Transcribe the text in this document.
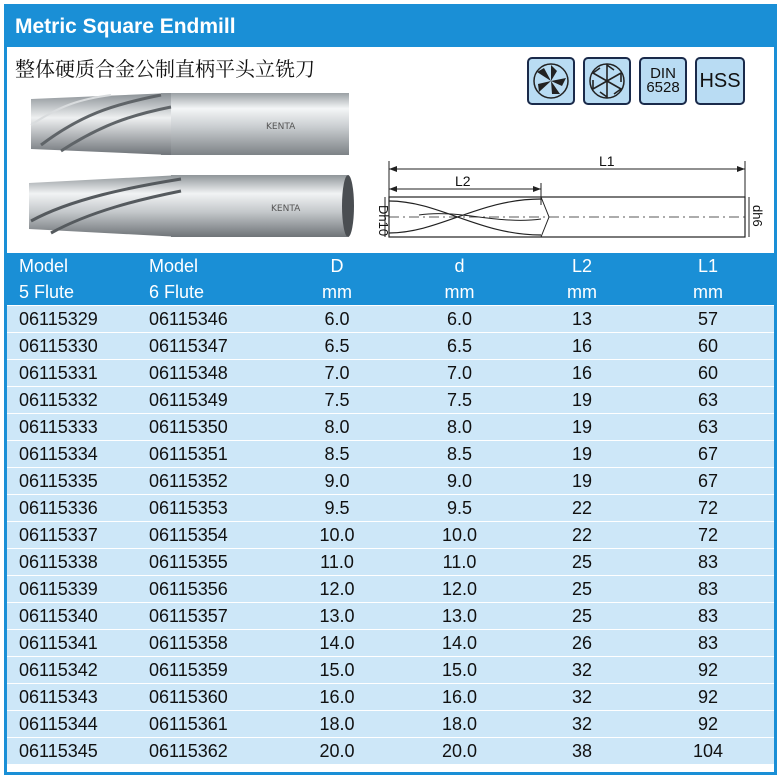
Metric Square Endmill
整体硬质合金公制直柄平头立铣刀
KENTA
KENTA
DIN
6528 HSS
L1
L2
Dh10	dh6
Model	Model	D	d	L2	L1
5 Flute	6 Flute	mm	mm	mm	mm
06115329	06115346	6.0	6.0	13	57
06115330	06115347	6.5	6.5	16	60
06115331	06115348	7.0	7.0	16	60
06115332	06115349	7.5	7.5	19	63
06115333	06115350	8.0	8.0	19	63
06115334	06115351	8.5	8.5	19	67
06115335	06115352	9.0	9.0	19	67
06115336	06115353	9.5	9.5	22	72
06115337	06115354	10.0	10.0	22	72
06115338	06115355	11.0	11.0	25	83
06115339	06115356	12.0	12.0	25	83
06115340	06115357	13.0	13.0	25	83
06115341	06115358	14.0	14.0	26	83
06115342	06115359	15.0	15.0	32	92
06115343	06115360	16.0	16.0	32	92
06115344	06115361	18.0	18.0	32	92
06115345	06115362	20.0	20.0	38	104
